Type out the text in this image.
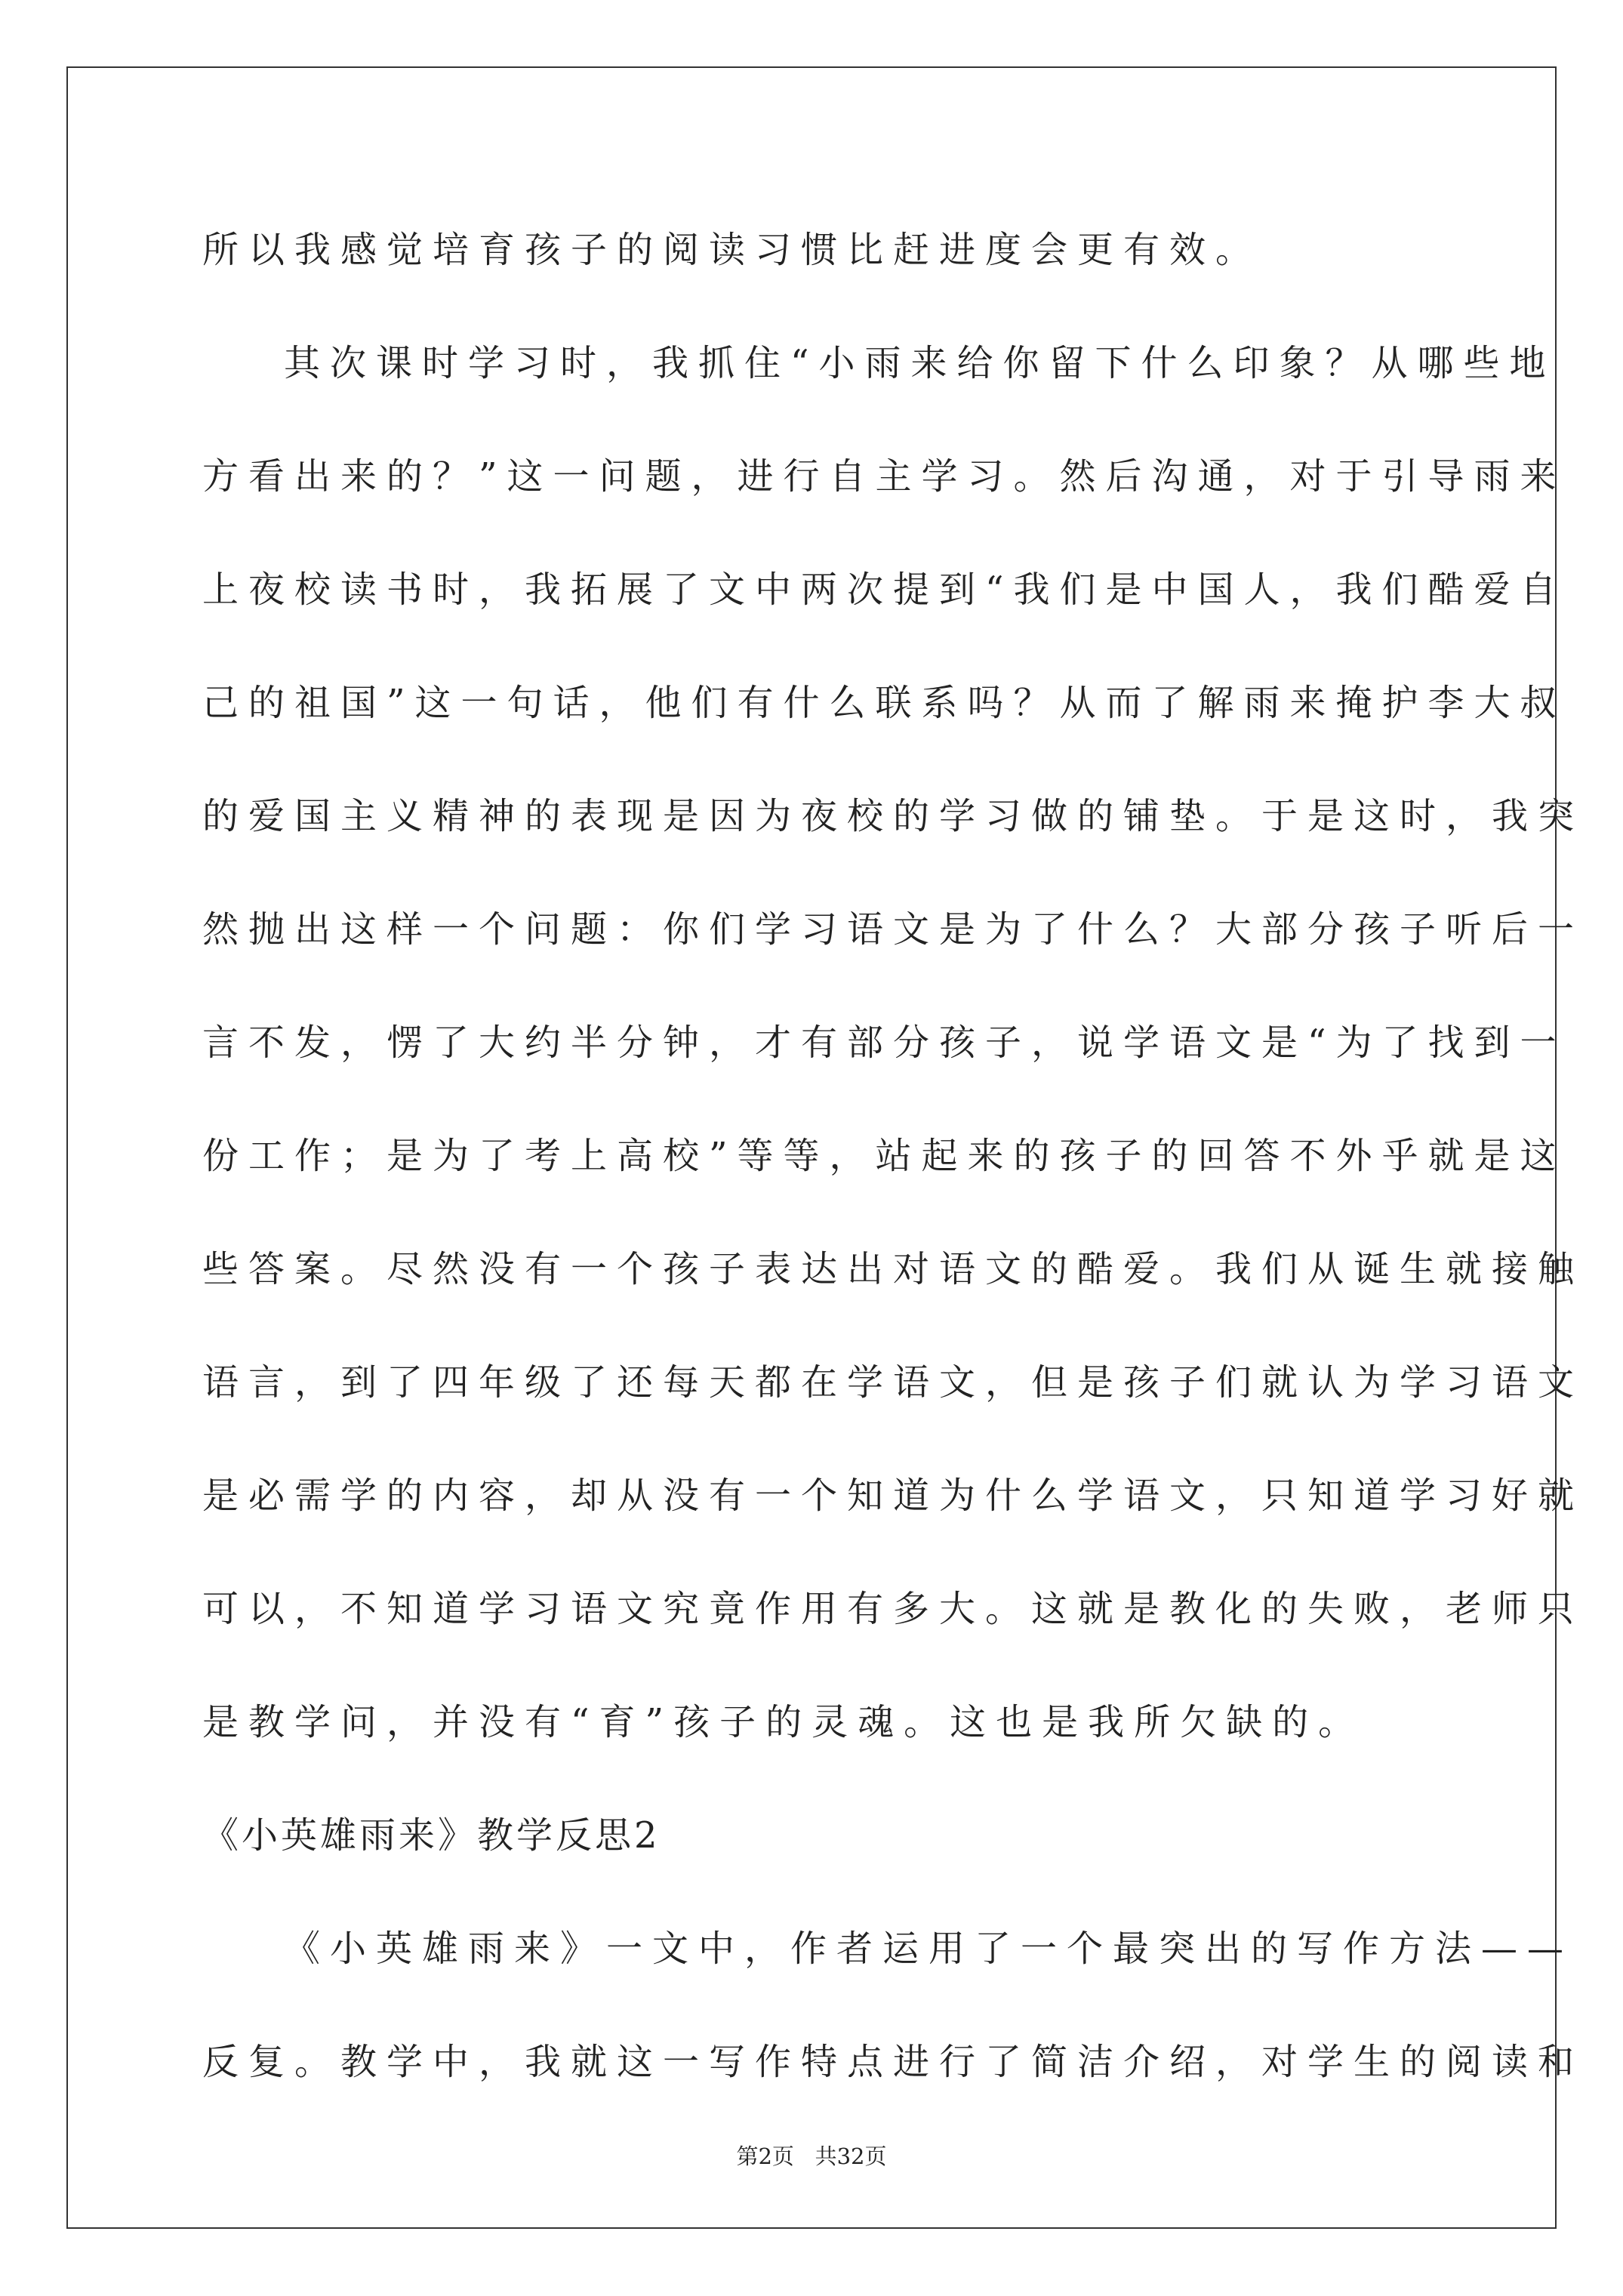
所以我感觉培育孩子的阅读习惯比赶进度会更有效。
其次课时学习时，我抓住“小雨来给你留下什么印象？从哪些地
方看出来的？”这一问题，进行自主学习。然后沟通，对于引导雨来
上夜校读书时，我拓展了文中两次提到“我们是中国人，我们酷爱自
己的祖国”这一句话，他们有什么联系吗？从而了解雨来掩护李大叔
的爱国主义精神的表现是因为夜校的学习做的铺垫。于是这时，我突
然抛出这样一个问题：你们学习语文是为了什么？大部分孩子听后一
言不发，愣了大约半分钟，才有部分孩子，说学语文是“为了找到一
份工作；是为了考上高校”等等，站起来的孩子的回答不外乎就是这
些答案。尽然没有一个孩子表达出对语文的酷爱。我们从诞生就接触
语言，到了四年级了还每天都在学语文，但是孩子们就认为学习语文
是必需学的内容，却从没有一个知道为什么学语文，只知道学习好就
可以，不知道学习语文究竟作用有多大。这就是教化的失败，老师只
是教学问，并没有“育”孩子的灵魂。这也是我所欠缺的。
《小英雄雨来》教学反思2
《小英雄雨来》一文中，作者运用了一个最突出的写作方法——
反复。教学中，我就这一写作特点进行了简洁介绍，对学生的阅读和
第2页   共32页
